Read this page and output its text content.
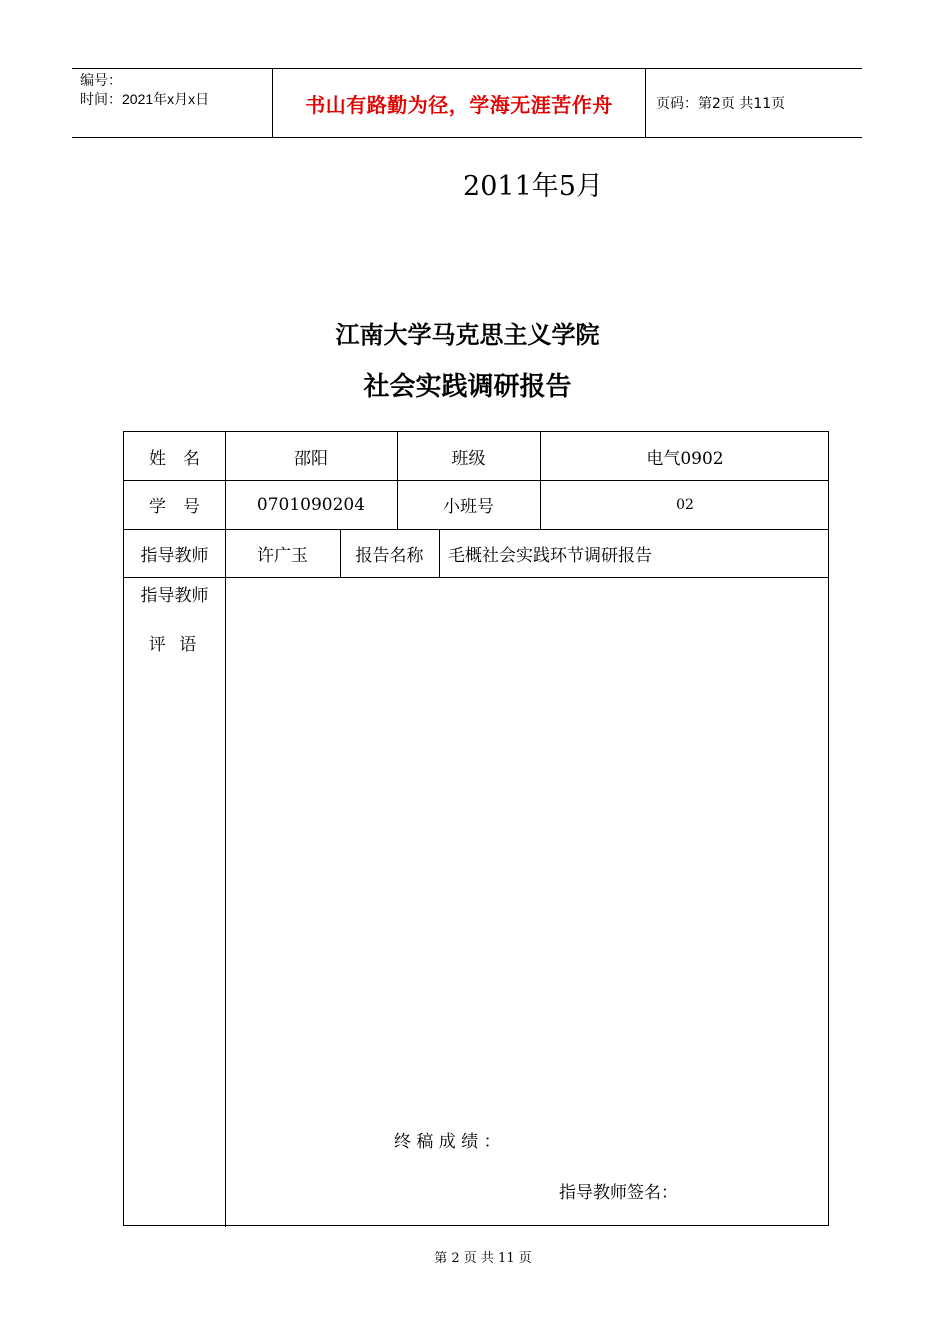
编号：
时间：2021年x月x日	书山有路勤为径，学海无涯苦作舟	页码：第2页 共11页
2011年5月
江南大学马克思主义学院
社会实践调研报告
姓　名	邵阳	班级	电气0902
学　号	0701090204	小班号	02
指导教师	许广玉	报告名称	毛概社会实践环节调研报告
指导教师
评 语
终 稿 成 绩 ：
指导教师签名：
第 2 页 共 11 页
